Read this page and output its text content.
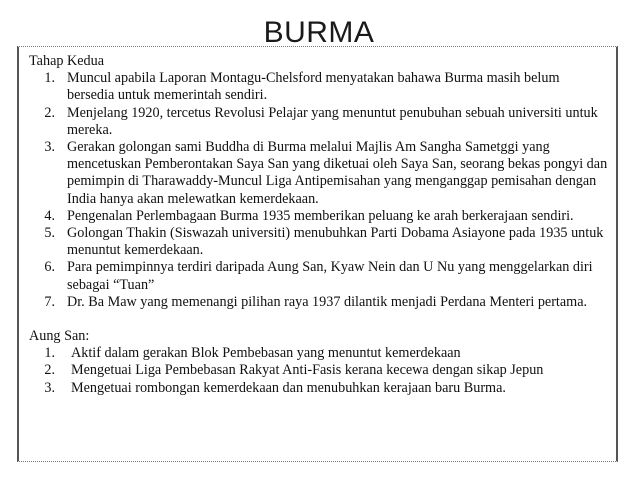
BURMA

Tahap Kedua

1. Muncul apabila Laporan Montagu-Chelsford menyatakan bahawa Burma masih belum bersedia untuk memerintah sendiri.
2. Menjelang 1920, tercetus Revolusi Pelajar yang menuntut penubuhan sebuah universiti untuk mereka.
3. Gerakan golongan sami Buddha di Burma melalui Majlis Am Sangha Sametggi yang mencetuskan Pemberontakan Saya San yang diketuai oleh Saya San, seorang bekas pongyi dan pemimpin di Tharawaddy-Muncul Liga Antipemisahan yang menganggap pemisahan dengan India hanya akan melewatkan kemerdekaan.
4. Pengenalan Perlembagaan Burma 1935 memberikan peluang ke arah berkerajaan sendiri.
5. Golongan Thakin (Siswazah universiti) menubuhkan Parti Dobama Asiayone pada 1935 untuk menuntut kemerdekaan.
6. Para pemimpinnya terdiri daripada Aung San, Kyaw Nein dan U Nu yang menggelarkan diri sebagai “Tuan”
7. Dr. Ba Maw yang memenangi pilihan raya 1937 dilantik menjadi Perdana Menteri pertama.

Aung San:

1.	Aktif dalam gerakan Blok Pembebasan yang menuntut kemerdekaan
2.	Mengetuai Liga Pembebasan Rakyat Anti-Fasis kerana kecewa dengan sikap Jepun
3.	Mengetuai rombongan kemerdekaan dan menubuhkan kerajaan baru Burma.
